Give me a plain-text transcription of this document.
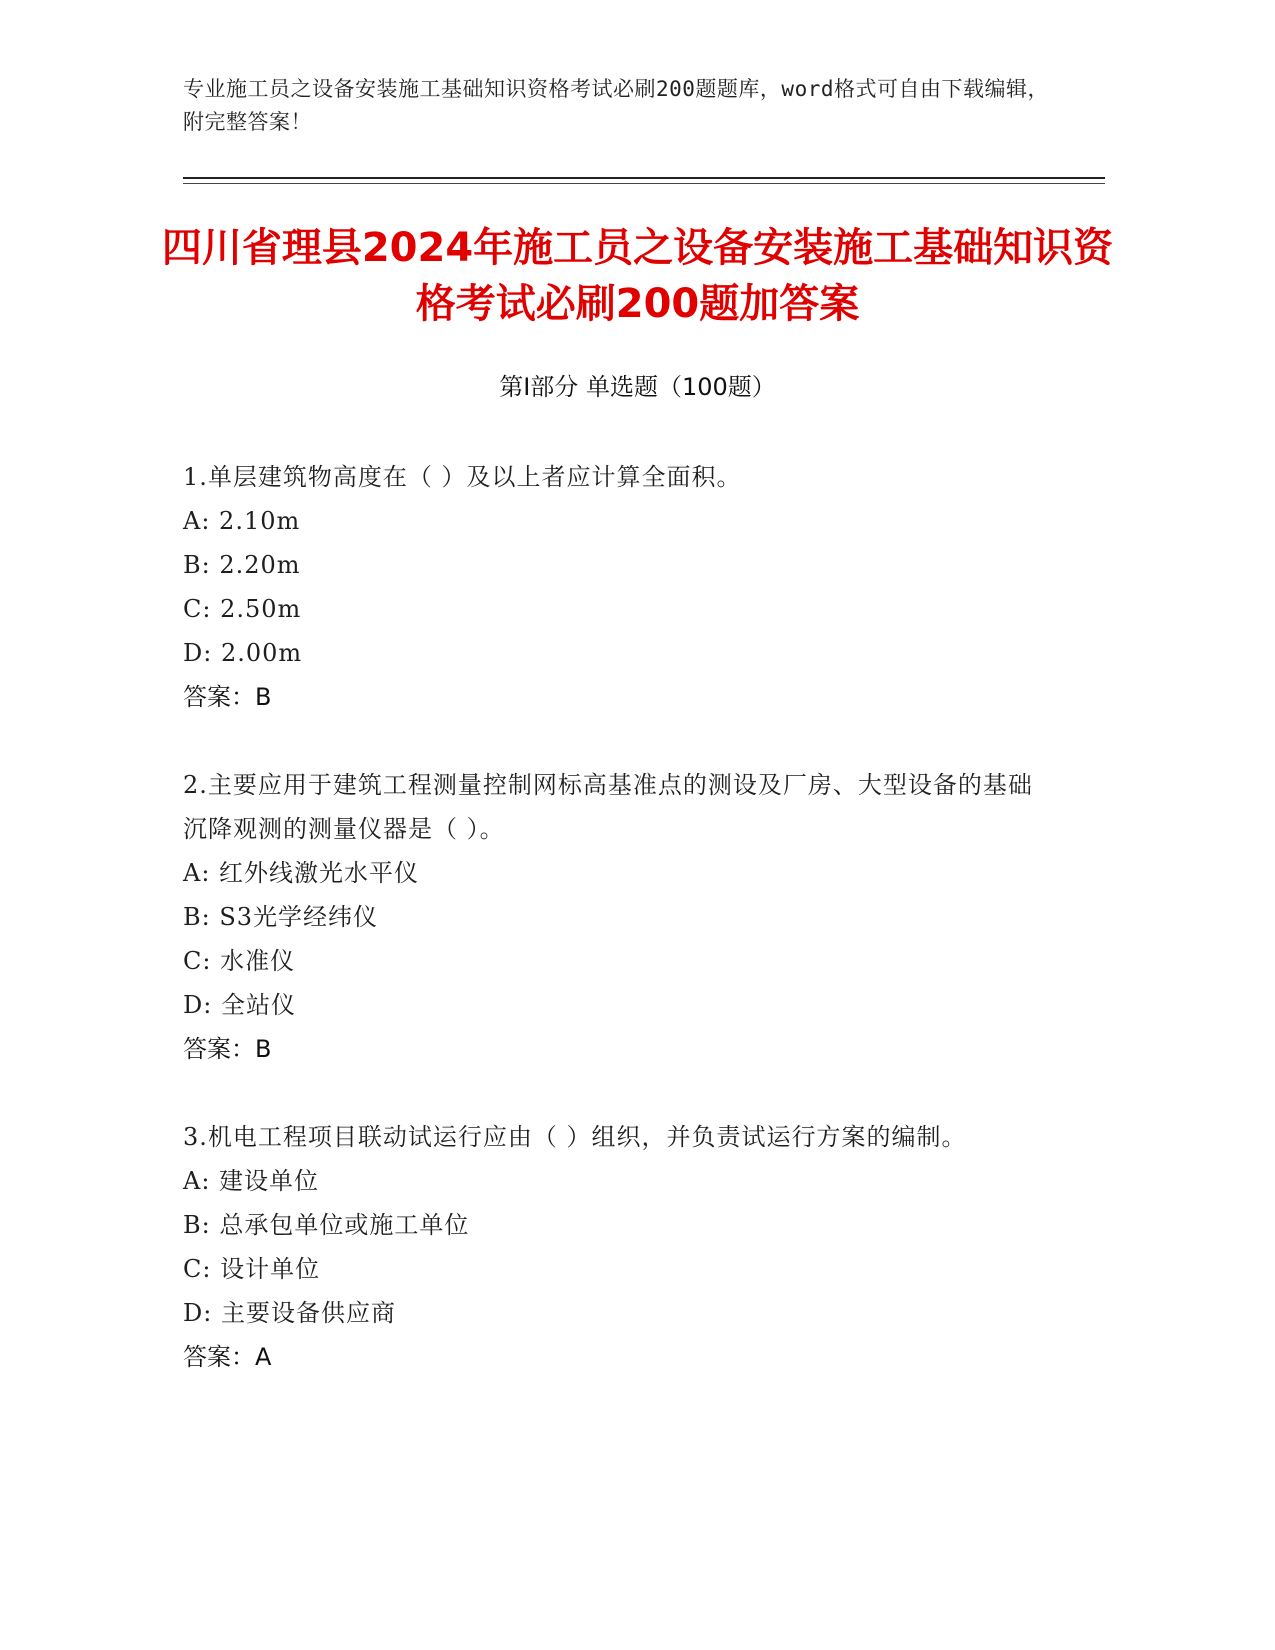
专业施工员之设备安装施工基础知识资格考试必刷200题题库，word格式可自由下载编辑，附完整答案！
四川省理县2024年施工员之设备安装施工基础知识资格考试必刷200题加答案
第I部分 单选题（100题）
1.单层建筑物高度在（ ）及以上者应计算全面积。
A: 2.10m
B: 2.20m
C: 2.50m
D: 2.00m
答案：B
2.主要应用于建筑工程测量控制网标高基准点的测设及厂房、大型设备的基础沉降观测的测量仪器是（ ）。
A: 红外线激光水平仪
B: S3光学经纬仪
C: 水准仪
D: 全站仪
答案：B
3.机电工程项目联动试运行应由（ ）组织，并负责试运行方案的编制。
A: 建设单位
B: 总承包单位或施工单位
C: 设计单位
D: 主要设备供应商
答案：A
